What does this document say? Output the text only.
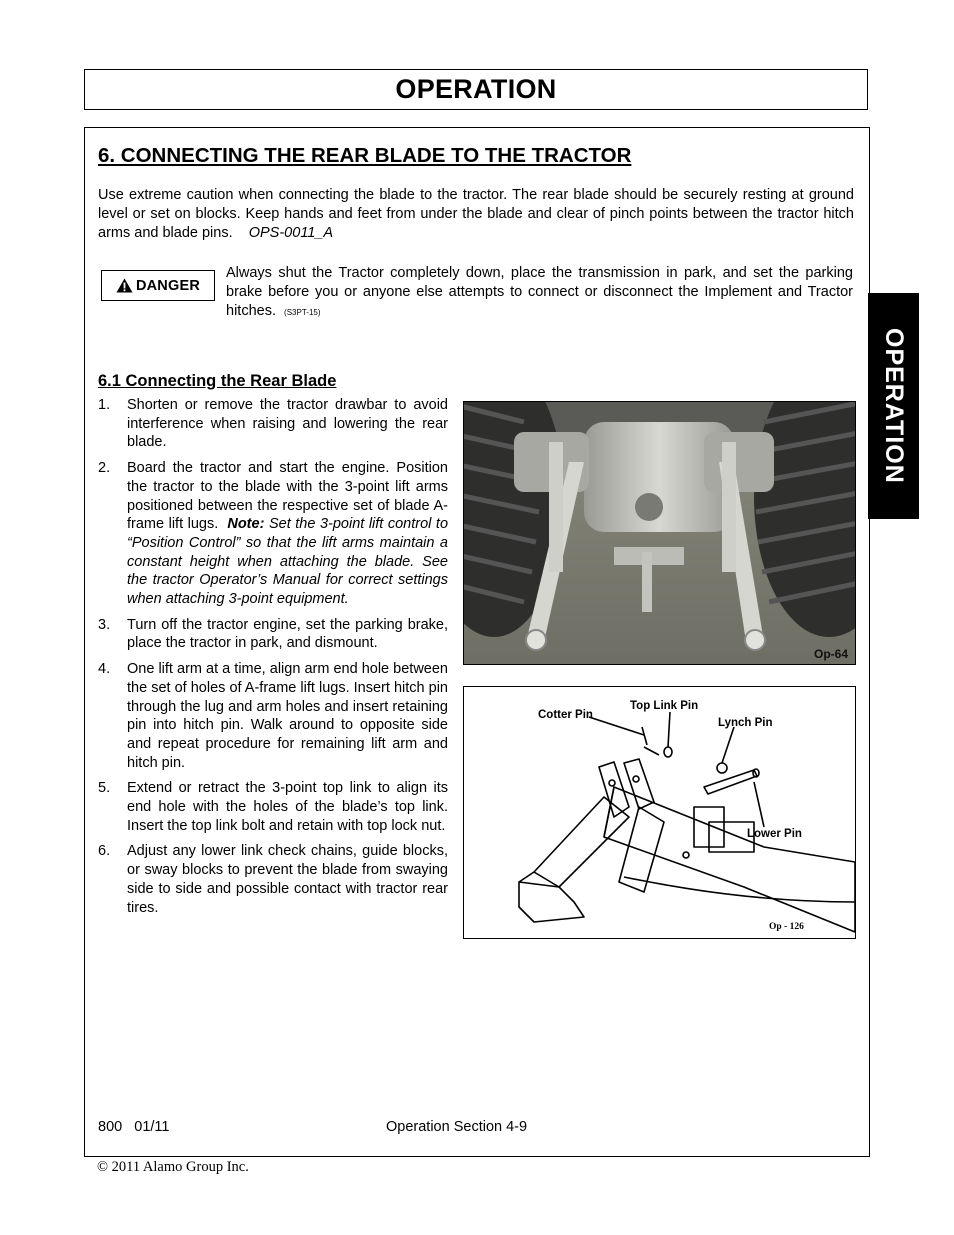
OPERATION
OPERATION
6. CONNECTING THE REAR BLADE TO THE TRACTOR

Use extreme caution when connecting the blade to the tractor. The rear blade should be securely resting at ground level or set on blocks. Keep hands and feet from under the blade and clear of pinch points between the tractor hitch arms and blade pins. OPS-0011_A

DANGER

Always shut the Tractor completely down, place the transmission in park, and set the parking brake before you or anyone else attempts to connect or disconnect the Implement and Tractor hitches. (S3PT-15)

6.1 Connecting the Rear Blade
1. Shorten or remove the tractor drawbar to avoid interference when raising and lowering the rear blade.
2. Board the tractor and start the engine. Position the tractor to the blade with the 3-point lift arms positioned between the respective set of blade A-frame lift lugs. Note: Set the 3-point lift control to “Position Control” so that the lift arms maintain a constant height when attaching the blade. See the tractor Operator’s Manual for correct settings when attaching 3-point equipment.
3. Turn off the tractor engine, set the parking brake, place the tractor in park, and dismount.
4. One lift arm at a time, align arm end hole between the set of holes of A-frame lift lugs. Insert hitch pin through the lug and arm holes and insert retaining pin into hitch pin. Walk around to opposite side and repeat procedure for remaining lift arm and hitch pin.
5. Extend or retract the 3-point top link to align its end hole with the holes of the blade’s top link. Insert the top link bolt and retain with top lock nut.
6. Adjust any lower link check chains, guide blocks, or sway blocks to prevent the blade from swaying side to side and possible contact with tractor rear tires.
Op-64
Cotter Pin
Top Link Pin
Lynch Pin
Lower Pin
Op - 126
800   01/11	Operation Section 4-9
© 2011 Alamo Group Inc.
